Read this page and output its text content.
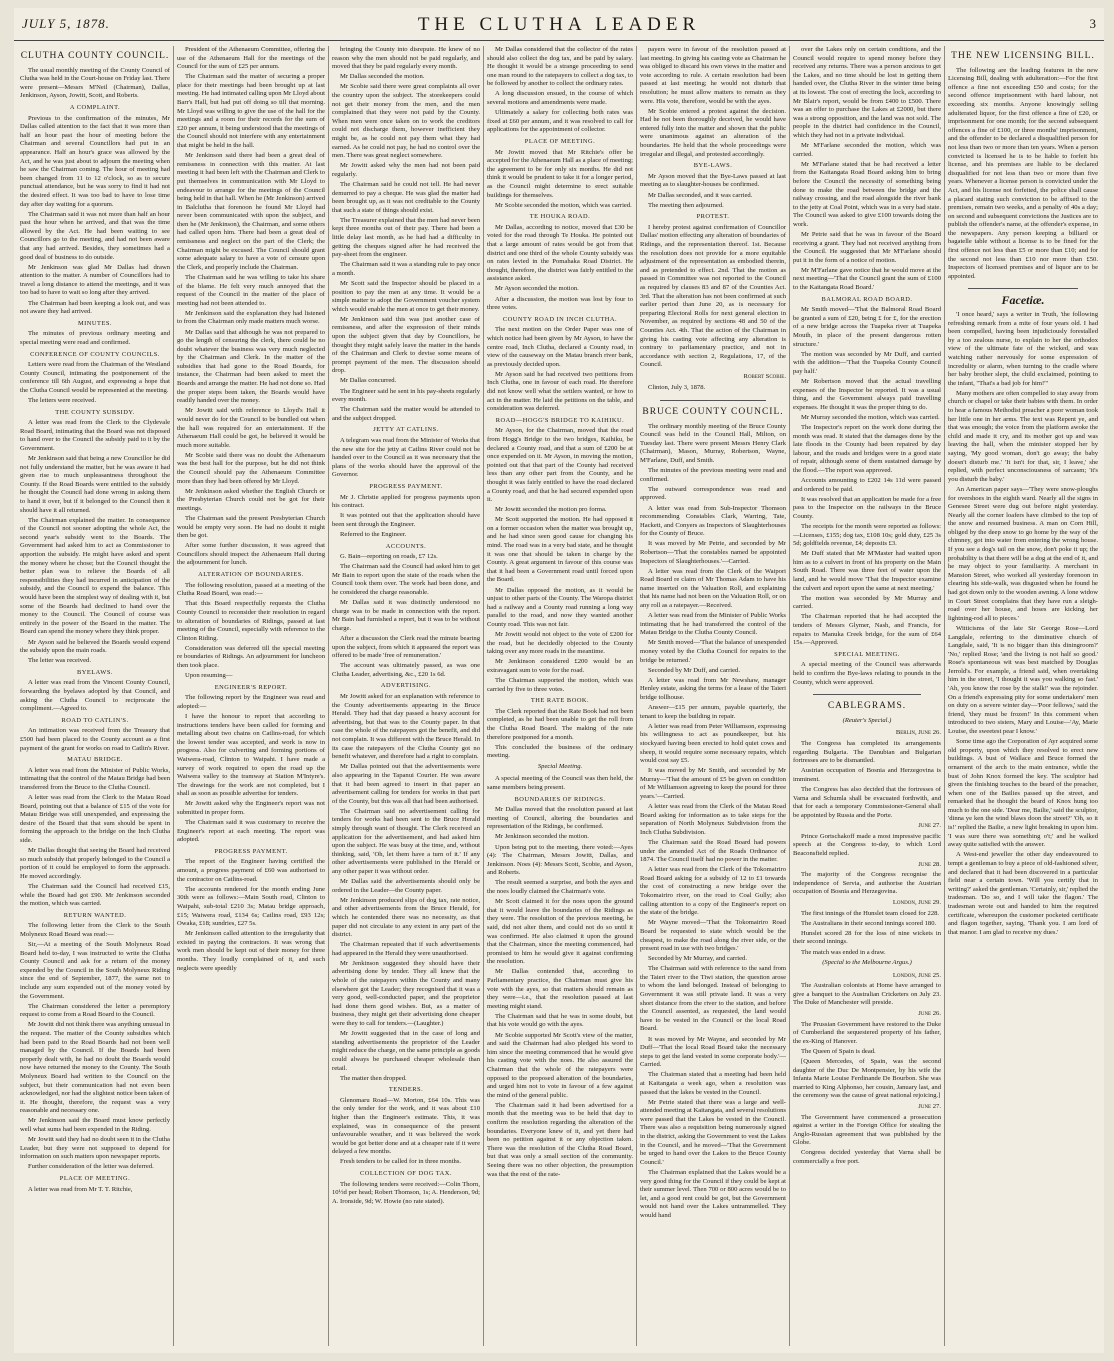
JULY 5, 1878.	THE CLUTHA LEADER	3
CLUTHA COUNTY COUNCIL.

The usual monthly meeting of the County Council of Clutha was held in the Court-house on Friday last. There were present—Messrs M'Neil (Chairman), Dallas, Jenkinson, Ayson, Jowitt, Scott, and Roberts.

A COMPLAINT.

Previous to the confirmation of the minutes, Mr Dallas called attention to the fact that it was more than half an hour past the hour of meeting before the Chairman and several Councillors had put in an appearance. Half an hour's grace was allowed by the Act, and he was just about to adjourn the meeting when he saw the Chairman coming. The hour of meeting had been changed from 11 to 12 o'clock, so as to secure punctual attendance, but he was sorry to find it had not the desired effect. It was too bad to have to lose time day after day waiting for a quorum.

The Chairman said it was not more than half an hour past the hour when he arrived, and that was the time allowed by the Act. He had been waiting to see Councillors go to the meeting, and had not been aware that any had arrived. Besides, they sometimes had a good deal of business to do outside.

Mr Jenkinson was glad Mr Dallas had drawn attention to the matter. A number of Councillors had to travel a long distance to attend the meetings, and it was too bad to have to wait so long after they arrived.

The Chairman had been keeping a look out, and was not aware they had arrived.

MINUTES.

The minutes of previous ordinary meeting and special meeting were read and confirmed.

CONFERENCE OF COUNTY COUNCILS.

Letters were read from the Chairman of the Westland County Council, intimating the postponement of the conference till 6th August, and expressing a hope that the Clutha Council would be represented at the meeting.

The letters were received.

THE COUNTY SUBSIDY.

A letter was read from the Clerk to the Clydevale Road Board, intimating that the Board was not disposed to hand over to the Council the subsidy paid to it by the Government.

Mr Jenkinson said that being a new Councillor he did not fully understand the matter, but he was aware it had given rise to much unpleasantness throughout the County. If the Road Boards were entitled to the subsidy he thought the Council had done wrong in asking them to hand it over, but if it belonged to the Council then it should have it all returned.

The Chairman explained the matter. In consequence of the Council not sooner adopting the whole Act, the second year's subsidy went to the Boards. The Government had asked him to act as Commissioner to apportion the subsidy. He might have asked and spent the money where he chose; but the Council thought the better plan was to relieve the Boards of all responsibilities they had incurred in anticipation of the subsidy, and the Council to expend the balance. This would have been the simplest way of dealing with it, but some of the Boards had declined to hand over the money to the Council. The Council of course was entirely in the power of the Board in the matter. The Board can spend the money where they think proper.

Mr Ayson said he believed the Boards would expend the subsidy upon the main roads.

The letter was received.

BYELAWS.

A letter was read from the Vincent County Council, forwarding the byelaws adopted by that Council, and asking the Clutha Council to reciprocate the compliment.—Agreed to.

ROAD TO CATLIN'S.

An intimation was received from the Treasury that £500 had been placed to the County account as a first payment of the grant for works on road to Catlin's River.

MATAU BRIDGE.

A letter was read from the Minister of Public Works, intimating that the control of the Matau Bridge had been transferred from the Bruce to the Clutha Council.

A letter was read from the Clerk to the Matau Road Board, pointing out that a balance of £15 of the vote for Matau Bridge was still unexpended, and expressing the desire of the Board that that sum should be spent in forming the approach to the bridge on the Inch Clutha side.

Mr Dallas thought that seeing the Board had received so much subsidy that properly belonged to the Council a portion of it could be employed to form the approach. He moved accordingly.

The Chairman said the Council had received £15, while the Board had got £90. Mr Jenkinson seconded the motion, which was carried.

RETURN WANTED.

The following letter from the Clerk to the South Molyneux Road Board was read:—

Sir,—At a meeting of the South Molyneux Road Board held to-day, I was instructed to write the Clutha County Council and ask for a return of the money expended by the Council in the South Molyneux Riding since the end of September, 1877, the same not to include any sum expended out of the money voted by the Government.

The Chairman considered the letter a peremptory request to come from a Road Board to the Council.

Mr Jowitt did not think there was anything unusual in the request. The matter of the County subsidies which had been paid to the Road Boards had not been well managed by the Council. If the Boards had been properly dealt with, he had no doubt the Boards would now have returned the money to the County. The South Molyneux Board had written to the Council on the subject, but their communication had not even been acknowledged, nor had the slightest notice been taken of it. He thought, therefore, the request was a very reasonable and necessary one.

Mr Jenkinson said the Board must know perfectly well what sums had been expended in the Riding.

Mr Jowitt said they had no doubt seen it in the Clutha Leader, but they were not supposed to depend for information on such matters upon newspaper reports.

Further consideration of the letter was deferred.

PLACE OF MEETING.

A letter was read from Mr T. T. Ritchie,

President of the Athenaeum Committee, offering the use of the Athenaeum Hall for the meetings of the Council for the sum of £25 per annum.

The Chairman said the matter of securing a proper place for their meetings had been brought up at last meeting. He had intimated calling upon Mr Lloyd about Barr's Hall, but had put off doing so till that morning. Mr Lloyd was willing to give the use of the hall for the meetings and a room for their records for the sum of £20 per annum, it being understood that the meetings of the Council should not interfere with any entertainment that might be held in the hall.

Mr Jenkinson said there had been a great deal of remissness in connection with this matter. At last meeting it had been left with the Chairman and Clerk to put themselves in communication with Mr Lloyd to endeavour to arrange for the meetings of the Council being held in that hall. When he (Mr Jenkinson) arrived in Balclutha that forenoon he found Mr Lloyd had never been communicated with upon the subject, and then he (Mr Jenkinson), the Chairman, and some others had called upon him. There had been a great deal of remissness and neglect on the part of the Clerk; the Chairman might be excused. The Council should grant some adequate salary to have a vote of censure upon the Clerk, and properly include the Chairman.

The Chairman said he was willing to take his share of the blame. He felt very much annoyed that the request of the Council in the matter of the place of meeting had not been attended to.

Mr Jenkinson said the explanation they had listened to from the Chairman only made matters much worse.

Mr Dallas said that although he was not prepared to go the length of censuring the clerk, there could be no doubt whatever the business was very much neglected by the Chairman and Clerk. In the matter of the subsidies that had gone to the Road Boards, for instance, the Chairman had been asked to meet the Boards and arrange the matter. He had not done so. Had the proper steps been taken, the Boards would have readily handed over the money.

Mr Jowitt said with reference to Lloyd's Hall it would never do for the Council to be bundled out when the hall was required for an entertainment. If the Athenaeum Hall could be got, he believed it would be much more suitable.

Mr Scobie said there was no doubt the Athenaeum was the best hall for the purpose, but he did not think the Council should pay the Athenaeum Committee more than they had been offered by Mr Lloyd.

Mr Jenkinson asked whether the English Church or the Presbyterian Church could not be got for their meetings.

The Chairman said the present Presbyterian Church would be empty very soon. He had no doubt it might then be got.

After some further discussion, it was agreed that Councillors should inspect the Athenaeum Hall during the adjournment for lunch.

ALTERATION OF BOUNDARIES.

The following resolution, passed at a meeting of the Clutha Road Board, was read:—

That this Board respectfully requests the Clutha County Council to reconsider their resolution in regard to alteration of boundaries of Ridings, passed at last meeting of the Council, especially with reference to the Clinton Riding.

Consideration was deferred till the special meeting re boundaries of Ridings. An adjournment for luncheon then took place.

Upon resuming—

ENGINEER'S REPORT.

The following report by the Engineer was read and adopted:—

I have the honour to report that according to instructions tenders have been called for forming and metalling about two chains on Catlins-road, for which the lowest tender was accepted, and work is now in progress. Also for culverting and forming portions of Waiwera-road, Clinton to Waipahi. I have made a survey of work required to open the road up the Waiwera valley to the tramway at Station M'Intyre's. The drawings for the work are not completed, but I shall as soon as possible advertise for tenders.

Mr Jowitt asked why the Engineer's report was not submitted in proper form.

The Chairman said it was customary to receive the Engineer's report at each meeting. The report was adopted.

PROGRESS PAYMENT.

The report of the Engineer having certified the amount, a progress payment of £60 was authorised to the contractor on Catlins-road.

The accounts rendered for the month ending June 30th were as follows:—Main South road, Clinton to Waipahi, sub-total £210 3s; Matau bridge approach, £15; Waiwera road, £134 6s; Catlins road, £93 12s; Owaka, £18; sundries, £27 5s.

Mr Jenkinson called attention to the irregularity that existed in paying the contractors. It was wrong that work men should be kept out of their money for three months. They loudly complained of it, and such neglects were speedily

bringing the County into disrepute. He knew of no reason why the men should not be paid regularly, and moved that they be paid regularly every month.

Mr Dallas seconded the motion.

Mr Scobie said there were great complaints all over the country upon the subject. The storekeepers could not get their money from the men, and the men complained that they were not paid by the County. When men were once taken on to work the creditors could not discharge them, however inefficient they might be, as he could not pay them what they had earned. As he could not pay, he had no control over the men. There was great neglect somewhere.

Mr Jowitt asked why the men had not been paid regularly.

The Chairman said he could not tell. He had never demurred to pay a cheque. He was glad the matter had been brought up, as it was not creditable to the County that such a state of things should exist.

The Treasurer explained that the men had never been kept three months out of their pay. There had been a little delay last month, as he had had a difficulty in getting the cheques signed after he had received the pay-sheet from the engineer.

The Chairman said it was a standing rule to pay once a month.

Mr Scott said the Inspector should be placed in a position to pay the men at any time. It would be a simple matter to adopt the Government voucher system which would enable the men at once to get their money.

Mr Jenkinson said this was just another case of remissness, and after the expression of their minds upon the subject given that day by Councillors, he thought they might safely leave the matter in the hands of the Chairman and Clerk to devise some means of prompt payment of the men. The discussion should drop.

Mr Dallas concurred.

The Engineer said he sent in his pay-sheets regularly every month.

The Chairman said the matter would be attended to and the subject dropped.

JETTY AT CATLINS.

A telegram was read from the Minister of Works that the new site for the jetty at Catlins River could not be handed over to the Council as it was necessary that the plans of the works should have the approval of the Governor.

PROGRESS PAYMENT.

Mr J. Christie applied for progress payments upon his contract.

It was pointed out that the application should have been sent through the Engineer.

Referred to the Engineer.

ACCOUNTS.

G. Bain—reporting on roads, £7 12s.

The Chairman said the Council had asked him to get Mr Bain to report upon the state of the roads when the Council took them over. The work had been done, and he considered the charge reasonable.

Mr Dallas said it was distinctly understood no charge was to be made in connection with the report. Mr Bain had furnished a report, but it was to be without charge.

After a discussion the Clerk read the minute bearing upon the subject, from which it appeared the report was offered to be made 'free of remuneration.'

The account was ultimately passed, as was one Clutha Leader, advertising, &c., £20 1s 6d.

ADVERTISING.

Mr Jowitt asked for an explanation with reference to the County advertisements appearing in the Bruce Herald. They had that day passed a heavy account for advertising, but that was to the County paper. In that case the whole of the ratepayers got the benefit, and did not complain. It was different with the Bruce Herald. In its case the ratepayers of the Clutha County got no benefit whatever, and therefore had a right to complain.

Mr Dallas pointed out that the advertisements were also appearing in the Tapanui Courier. He was aware that it had been agreed to insert in that paper an advertisement calling for tenders for works in that part of the County, but this was all that had been authorised.

The Chairman said no advertisement calling for tenders for works had been sent to the Bruce Herald simply through want of thought. The Clerk received an application for the advertisement, and had asked him upon the subject. He was busy at the time, and, without thinking, said, 'Oh, let them have a turn of it.' If any other advertisements were published in the Herald or any other paper it was without order.

Mr Dallas said the advertisements should only be ordered in the Leader—the County paper.

Mr Jenkinson produced slips of dog tax, rate notice, and other advertisements from the Bruce Herald, for which he contended there was no necessity, as that paper did not circulate to any extent in any part of the district.

The Chairman repeated that if such advertisements had appeared in the Herald they were unauthorised.

Mr Jenkinson suggested they should have their advertising done by tender. They all knew that the whole of the ratepayers within the County and many elsewhere got the Leader; they recognised that it was a very good, well-conducted paper, and the proprietor had done them good wishes. But, as a matter of business, they might get their advertising done cheaper were they to call for tenders.—(Laughter.)

Mr Jowitt suggested that in the case of long and standing advertisements the proprietor of the Leader might reduce the charge, on the same principle as goods could always be purchased cheaper wholesale than retail.

The matter then dropped.

TENDERS.

Glenomaru Road—W. Morton, £64 10s. This was the only tender for the work, and it was about £10 higher than the Engineer's estimate. This, it was explained, was in consequence of the present unfavourable weather, and it was believed the work would be got better done and at a cheaper rate if it were delayed a few months.

Fresh tenders to be called for in three months.

COLLECTION OF DOG TAX.

The following tenders were received:—Colin Thorn, 10½d per head; Robert Thomson, 1s; A. Henderson, 9d; A. Ironside, 9d; W. Howie (no rate stated).

Mr Dallas considered that the collector of the rates should also collect the dog tax, and be paid by salary. He thought it would be a strange proceeding to send one man round to the ratepayers to collect a dog tax, to be followed by another to collect the ordinary rates.

A long discussion ensued, in the course of which several motions and amendments were made.

Ultimately a salary for collecting both rates was fixed at £60 per annum, and it was resolved to call for applications for the appointment of collector.

PLACE OF MEETING.

Mr Jowitt moved that Mr Ritchie's offer be accepted for the Athenaeum Hall as a place of meeting; the agreement to be for only six months. He did not think it would be prudent to take it for a longer period, as the Council might determine to erect suitable buildings for themselves.

Mr Scobie seconded the motion, which was carried.

TE HOUKA ROAD.

Mr Dallas, according to notice, moved that £30 be voted for the road through Te Houka. He pointed out that a large amount of rates would be got from that district and one third of the whole County subsidy was on rates levied in the Pomahaka Road District. He thought, therefore, the district was fairly entitled to the assistance asked.

Mr Ayson seconded the motion.

After a discussion, the motion was lost by four to three votes.

COUNTY ROAD IN INCH CLUTHA.

The next motion on the Order Paper was one of which notice had been given by Mr Ayson, to have the centre road, Inch Clutha, declared a County road, in view of the causeway on the Matau branch river bank, as previously decided upon.

Mr Ayson said he had received two petitions from Inch Clutha, one in favour of each road. He therefore did not know well what the settlers wanted, or how to act in the matter. He laid the petitions on the table, and consideration was deferred.

ROAD—HOGG'S BRIDGE TO KAIHIKU.

Mr Ayson, for the Chairman, moved that the road from Hogg's Bridge to the two bridges, Kaihiku, be declared a County road, and that a sum of £200 be at once expended on it. Mr Ayson, in moving the motion, pointed out that that part of the County had received less than any other part from the County, and he thought it was fairly entitled to have the road declared a County road, and that he had secured expended upon it.

Mr Jowitt seconded the motion pro forma.

Mr Scott supported the motion. He had opposed it on a former occasion when the matter was brought up, and he had since seen good cause for changing his mind. The road was in a very bad state, and he thought it was one that should be taken in charge by the County. A great argument in favour of this course was that it had been a Government road until forced upon the Board.

Mr Dallas opposed the motion, as it would be unjust to other parts of the County. The Waropa district had a railway and a County road running a long way parallel to the road, and now they wanted another County road. This was not fair.

Mr Jowitt would not object to the vote of £200 for the road, but he decidedly objected to the County taking over any more roads in the meantime.

Mr Jenkinson considered £200 would be an extravagant sum to vote for the road.

The Chairman supported the motion, which was carried by five to three votes.

THE RATE BOOK.

The Clerk reported that the Rate Book had not been completed, as he had been unable to get the roll from the Clutha Road Board. The making of the rate therefore postponed for a month.

This concluded the business of the ordinary meeting.

Special Meeting.

A special meeting of the Council was then held, the same members being present.

BOUNDARIES OF RIDINGS.

Mr Dallas moved that the resolution passed at last meeting of Council, altering the boundaries and representation of the Ridings, be confirmed.

Mr Jenkinson seconded the motion.

Upon being put to the meeting, there voted:—Ayes (4): The Chairman, Messrs Jowitt, Dallas, and Jenkinson. Noes (4): Messrs Scott, Scobie, and Ayson, and Roberts.

The result seemed a surprise, and both the ayes and the noes loudly claimed the Chairman's vote.

Mr Scott claimed it for the noes upon the ground that it would leave the boundaries of the Ridings as they were. The resolution of the previous meeting, he said, did not alter them, and could not do so until it was confirmed. He also claimed it upon the ground that the Chairman, since the meeting commenced, had promised to him he would give it against confirming the resolution.

Mr Dallas contended that, according to Parliamentary practice, the Chairman must give his vote with the ayes, so that matters should remain as they were—i.e., that the resolution passed at last meeting might stand.

The Chairman said that he was in some doubt, but that his vote would go with the ayes.

Mr Scobie supported Mr Scott's view of the matter, and said the Chairman had also pledged his word to him since the meeting commenced that he would give his casting vote with the noes. He also assured the Chairman that the whole of the ratepayers were opposed to the proposed alteration of the boundaries, and urged him not to vote in favour of a few against the mind of the general public.

The Chairman said it had been advertised for a month that the meeting was to be held that day to confirm the resolution regarding the alteration of the boundaries. Everyone knew of it, and yet there had been no petition against it or any objection taken. There was the resolution of the Clutha Road Board, but that was only a small section of the community. Seeing there was no other objection, the presumption was that the rest of the rate-

payers were in favour of the resolution passed at last meeting. In giving his casting vote as Chairman he was obliged to discard his own views in the matter and vote according to rule. A certain resolution had been passed at last meeting; he would not disturb that resolution; he must allow matters to remain as they were. His vote, therefore, would be with the ayes.

Mr Scobie entered a protest against the decision. Had he not been thoroughly deceived, he would have entered fully into the matter and shown that the public were unanimous against an alteration of the boundaries. He held that the whole proceedings were irregular and illegal, and protested accordingly.

BYE-LAWS.

Mr Ayson moved that the Bye-Laws passed at last meeting as to slaughter-houses be confirmed.

Mr Dallas seconded, and it was carried.

The meeting then adjourned.

PROTEST.

I hereby protest against confirmation of Councillor Dallas' motion effecting any alteration of boundaries of Ridings, and the representation thereof. 1st. Because the resolution does not provide for a more equitable adjustment of the representation as embodied therein, and as pretended to effect. 2nd. That the motion as passed in Committee was not reported to the Council as required by clauses 83 and 87 of the Counties Act. 3rd. That the alteration has not been confirmed at such earlier period than June 20, as is necessary for preparing Electoral Rolls for next general election in November, as required by sections 48 and 50 of the Counties Act. 4th. That the action of the Chairman in giving his casting vote affecting any alteration is contrary to parliamentary practice, and not in accordance with section 2, Regulations, 17, of the Council.

Robert Scobie.

Clinton, July 3, 1878.

BRUCE COUNTY COUNCIL.

The ordinary monthly meeting of the Bruce County Council was held in the Council Hall, Milton, on Tuesday last. There were present Messrs Henry Clark (Chairman), Mason, Murray, Robertson, Wayne, M'Farlane, Duff, and Smith.

The minutes of the previous meeting were read and confirmed.

The outward correspondence was read and approved.

A letter was read from Sub-Inspector Thomson recommending Constables Clark, Warring, Tate, Hackett, and Conyers as Inspectors of Slaughterhouses for the County of Bruce.

It was moved by Mr Petrie, and seconded by Mr Robertson—'That the constables named be appointed Inspectors of Slaughterhouses.'—Carried.

A letter was read from the Clerk of the Waipori Road Board re claim of Mr Thomas Adam to have his name inserted on the Valuation Roll, and explaining that his name had not been on the Valuation Roll, or on any roll as a ratepayer.—Received.

A letter was read from the Minister of Public Works intimating that he had transferred the control of the Matau Bridge to the Clutha County Council.

Mr Smith moved—'That the balance of unexpended money voted by the Clutha Council for repairs to the bridge be returned.'

Seconded by Mr Duff, and carried.

A letter was read from Mr Newshaw, manager Henley estate, asking the terms for a lease of the Taieri bridge tollhouse.

Answer—£15 per annum, payable quarterly, the tenant to keep the building in repair.

A letter was read from Peter Williamson, expressing his willingness to act as poundkeeper, but his stockyard having been erected to hold quiet cows and sheep, it would require some necessary repairs, which would cost say £5.

It was moved by Mr Smith, and seconded by Mr Murray—'That the amount of £5 be given on condition of Mr Williamson agreeing to keep the pound for three years.'—Carried.

A letter was read from the Clerk of the Matau Road Board asking for information as to take steps for the separation of North Molyneux Subdivision from the Inch Clutha Subdivision.

The Chairman said the Road Board had powers under the amended Act of the Roads Ordinance of 1874. The Council itself had no power in the matter.

A letter was read from the Clerk of the Tokomairiro Road Board asking for a subsidy of 12 to £1 towards the cost of constructing a new bridge over the Tokomairiro river, on the road to Coal Gully; also calling attention to a copy of the Engineer's report on the state of the bridge.

Mr Wayne moved—'That the Tokomairiro Road Board be requested to state which would be the cheapest, to make the road along the river side, or the present road in use with two bridges.'

Seconded by Mr Murray, and carried.

The Chairman said with reference to the sand from the Taieri river to the Tiwi station, the question arose to whom the land belonged. Instead of belonging to Government it was still private land. It was a very short distance from the river to the station, and before the Council assented, as requested, the land would have to be vested in the Council or the local Road Board.

It was moved by Mr Wayne, and seconded by Mr Duff—'That the local Road Board take the necessary steps to get the land vested in some corporate body.'—Carried.

The Chairman stated that a meeting had been held at Kaitangata a week ago, when a resolution was passed that the lakes be vested in the Council.

Mr Petrie stated that there was a large and well-attended meeting at Kaitangata, and several resolutions were passed that the Lakes be vested in the Council. There was also a requisition being numerously signed in the district, asking the Government to vest the Lakes in the Council, and he moved—'That the Government be urged to hand over the Lakes to the Bruce County Council.'

The Chairman explained that the Lakes would be a very good thing for the Council if they could be kept at their summer level. Then 700 or 800 acres would be to let, and a good rent could be got, but the Government would not hand over the Lakes untrammelled. They would hand

over the Lakes only on certain conditions, and the Council would require to spend money before they received any returns. There was a person anxious to get the Lakes, and no time should be lost in getting them handed over, the Clutha River in the winter time being at its lowest. The cost of erecting the lock, according to Mr Blair's report, would be from £400 to £500. There was an offer to purchase the Lakes at £2000, but there was a strong opposition, and the land was not sold. The people in the district had confidence in the Council, which they had not in a private individual.

Mr M'Farlane seconded the motion, which was carried.

Mr M'Farlane stated that he had received a letter from the Kaitangata Road Board asking him to bring before the Council the necessity of something being done to make the road between the bridge and the railway crossing, and the road alongside the river bank to the jetty at Coal Point, which was in a very bad state. The Council was asked to give £100 towards doing the work.

Mr Petrie said that he was in favour of the Board receiving a grant. They had not received anything from the Council. He suggested that Mr M'Farlane should put it in the form of a notice of motion.

Mr M'Farlane gave notice that he would move at the next meeting—'That the Council grant the sum of £100 to the Kaitangata Road Board.'

BALMORAL ROAD BOARD.

Mr Smith moved—'That the Balmoral Road Board be granted a sum of £20, being £ for £, for the erection of a new bridge across the Tuapeka river at Tuapeka Mouth, in place of the present dangerous rotten structure.'

The motion was seconded by Mr Duff, and carried with the addition—'That the Tuapeka County Council pay half.'

Mr Robertson moved that the actual travelling expenses of the Inspector be reported. It was a usual thing, and the Government always paid travelling expenses. He thought it was the proper thing to do.

Mr Murray seconded the motion, which was carried.

The Inspector's report on the work done during the month was read. It stated that the damages done by the late floods in the County had been repaired by day labour, and the roads and bridges were in a good state of repair, although some of them sustained damage by the flood.—The report was approved.

Accounts amounting to £202 14s 11d were passed and ordered to be paid.

It was resolved that an application be made for a free pass to the Inspector on the railways in the Bruce County.

The receipts for the month were reported as follows:—Licenses, £155; dog tax, £108 10s; gold duty, £25 3s 5d; goldfields revenue, £4; deposits £3.

Mr Duff stated that Mr M'Master had waited upon him as to a culvert in front of his property on the Main South Road. There was three feet of water upon the land, and he would move 'That the Inspector examine the culvert and report upon the same at next meeting.'

The motion was seconded by Mr Murray and carried.

The Chairman reported that he had accepted the tenders of Messrs Glymer, Nash, and Francis, for repairs to Manuka Creek bridge, for the sum of £64 15s.—Approved.

SPECIAL MEETING.

A special meeting of the Council was afterwards held to confirm the Bye-laws relating to pounds in the County, which were approved.

CABLEGRAMS.
(Reuter's Special.)
Berlin, June 26.

The Congress has completed its arrangements regarding Bulgaria. The Danubian and Bulgarian fortresses are to be dismantled.

Austrian occupation of Bosnia and Herzegovina is imminent.

The Congress has also decided that the fortresses of Varna and Schumla shall be evacuated forthwith, and that for each a temporary Commissioner-General shall be appointed by Russia and the Porte.

June 27.

Prince Gortschakoff made a most impressive pacific speech at the Congress to-day, to which Lord Beaconsfield replied.

June 28.

The majority of the Congress recognise the independence of Servia, and authorise the Austrian occupation of Bosnia and Herzegovina.

London, June 29.

The first innings of the Hunslet team closed for 228.

The Australians in their second innings scored 180.

Hunslet scored 28 for the loss of nine wickets in their second innings.

The match was ended in a draw.

(Special to the Melbourne Argus.)
London, June 25.

The Australian colonists at Home have arranged to give a banquet to the Australian Cricketers on July 23. The Duke of Manchester will preside.

June 26.

The Prussian Government have restored to the Duke of Cumberland the sequestered property of his father, the ex-King of Hanover.

The Queen of Spain is dead.

[Queen Mercedes, of Spain, was the second daughter of the Duc De Montpensier, by his wife the Infanta Marie Louise Ferdinande De Bourbon. She was married to King Alphonso, her cousin, January last, and the ceremony was the cause of great national rejoicing.]

June 27.

The Government have commenced a prosecution against a writer in the Foreign Office for stealing the Anglo-Russian agreement that was published by the Globe.

Congress decided yesterday that Varna shall be commercially a free port.

THE NEW LICENSING BILL.

The following are the leading features in the new Licensing Bill, dealing with adulteration:—For the first offence a fine not exceeding £50 and costs; for the second offence imprisonment with hard labour, not exceeding six months. Anyone knowingly selling adulterated liquor, for the first offence a fine of £20, or imprisonment for one month; for the second subsequent offences a fine of £100, or three months' imprisonment, and the offender to be declared a disqualified person for not less than two or more than ten years. When a person convicted is licensed he is to be liable to forfeit his license, and his premises are liable to be declared disqualified for not less than two or more than five years. Whenever a license person is convicted under the Act, and his license not forfeited, the police shall cause a placard stating such conviction to be affixed to the premises, remain two weeks, and a penalty of 40s a day; on second and subsequent convictions the Justices are to publish the offender's name, at the offender's expense, in the newspapers. Any person keeping a billiard or bagatelle table without a license is to be fined for the first offence not less than £5 or more than £10; and for the second not less than £10 nor more than £50. Inspectors of licensed premises and of liquor are to be appointed.

Facetiæ.

'I once heard,' says a writer in Truth, 'the following refreshing remark from a mite of four years old. I had been compelled, having been injudiciously forestalled by a too zealous nurse, to explain to her the orthodox view of the ultimate fate of the wicked, and was watching rather nervously for some expression of incredulity or alarm, when turning to the cradle where her baby brother slept, the child exclaimed, pointing to the infant, "That's a bad job for him!"'

Many mothers are often compelled to stay away from church or chapel or take their babies with them. In order to hear a famous Methodist preacher a poor woman took her little one in her arms. The text was Repent ye, and that was enough; the voice from the platform awoke the child and made it cry, and its mother got up and was leaving the hall, when the minister stopped her by saying, 'My good woman, don't go away; the baby doesn't disturb me.' 'It isn't for that, sir, I leave,' she replied, with perfect unconsciousness of sarcasm; 'it's you disturb the baby.'

An American paper says—'They were snow-ploughs for overshoes in the eighth ward. Nearly all the signs in Genesee Street were dug out before night yesterday. Nearly all the corner loafers have climbed to the top of the snow and resumed business. A man on Corn Hill, obliged by the deep snow to go home by the way of the chimney, got into water from entering the wrong house. If you see a dog's tail on the snow, don't poke it up; the probability is that there will be a dog at the end of it, and he may object to your familiarity. A merchant in Mansion Street, who worked all yesterday forenoon in clearing his side-walk, was disgusted when he found he had got down only to the wooden awning. A lone widow in Court Street complains that they have run a sleigh-road over her house, and hoses are kicking her lightning-rod all to pieces.'

Witticisms of the late Sir George Rose—Lord Langdale, referring to the diminutive church of Langdale, said, 'It is no bigger than this diningroom?' 'No,' replied Rose; 'and the living is not half so good.' Rose's spontaneous wit was best matched by Douglas Jerrold's. For example, a friend said, when overtaking him in the street, 'I thought it was you walking so fast.' 'Ah, you know the rose by the stalk!' was the rejoinder. On a friend's expressing pity for some undertakers' men on duty on a severe winter day—'Poor fellows,' said the friend, 'they must be frozen!' In this comment when introduced to two sisters, Mary and Louise—'Ay, Marie Louise, the sweetest pear I know.'

Some time ago the Corporation of Ayr acquired some old property, upon which they resolved to erect new buildings. A bust of Wallace and Bruce formed the ornament of the arch to the main entrance, while the bust of John Knox formed the key. The sculptor had given the finishing touches to the beard of the preacher, when one of the Bailies passed up the street, and remarked that he thought the beard of Knox hung too much to the one side. 'Dear me, Bailie,' said the sculptor, 'dinna ye ken the wind blaws doon the street?' 'Oh, so it is!' replied the Bailie, a new light breaking in upon him. 'I was sure there was something o't;' and he walked away quite satisfied with the answer.

A West-end jeweller the other day endeavoured to tempt a gentleman to buy a piece of old-fashioned silver, and declared that it had been discovered in a particular field near a certain town. 'Will you certify that in writing?' asked the gentleman. 'Certainly, sir,' replied the tradesman. 'Do so, and I will take the flagon.' The tradesman wrote out and handed to him the required certificate, whereupon the customer pocketed certificate and flagon together, saying, 'Thank you. I am lord of that manor. I am glad to receive my dues.'
